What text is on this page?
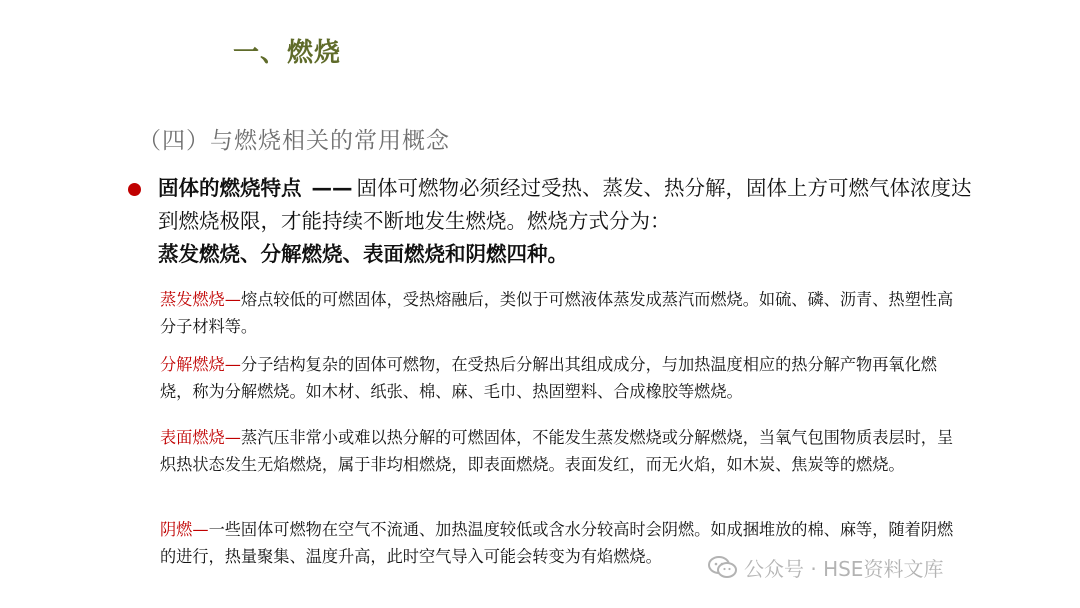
一、燃烧
（四）与燃烧相关的常用概念
固体的燃烧特点 —— 固体可燃物必须经过受热、蒸发、热分解，固体上方可燃气体浓度达到燃烧极限，才能持续不断地发生燃烧。燃烧方式分为：
蒸发燃烧、分解燃烧、表面燃烧和阴燃四种。
蒸发燃烧—熔点较低的可燃固体，受热熔融后，类似于可燃液体蒸发成蒸汽而燃烧。如硫、磷、沥青、热塑性高分子材料等。
分解燃烧—分子结构复杂的固体可燃物，在受热后分解出其组成成分，与加热温度相应的热分解产物再氧化燃烧，称为分解燃烧。如木材、纸张、棉、麻、毛巾、热固塑料、合成橡胶等燃烧。
表面燃烧—蒸汽压非常小或难以热分解的可燃固体，不能发生蒸发燃烧或分解燃烧，当氧气包围物质表层时，呈炽热状态发生无焰燃烧，属于非均相燃烧，即表面燃烧。表面发红，而无火焰，如木炭、焦炭等的燃烧。
阴燃—一些固体可燃物在空气不流通、加热温度较低或含水分较高时会阴燃。如成捆堆放的棉、麻等，随着阴燃的进行，热量聚集、温度升高，此时空气导入可能会转变为有焰燃烧。
公众号 · HSE资料文库
